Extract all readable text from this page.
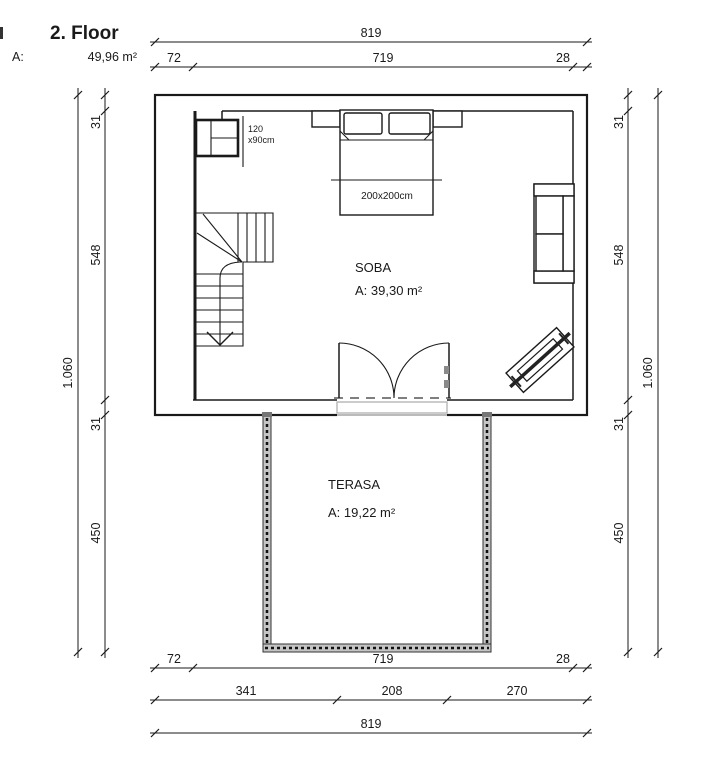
2. Floor
A:	49,96 m²
120
x90cm
200x200cm
SOBA
A: 39,30 m²
TERASA
A: 19,22 m²
819
72	719	28
72	719	28
341	208	270
819
1.060
31
548
31
450
31
548
31
450
1.060
